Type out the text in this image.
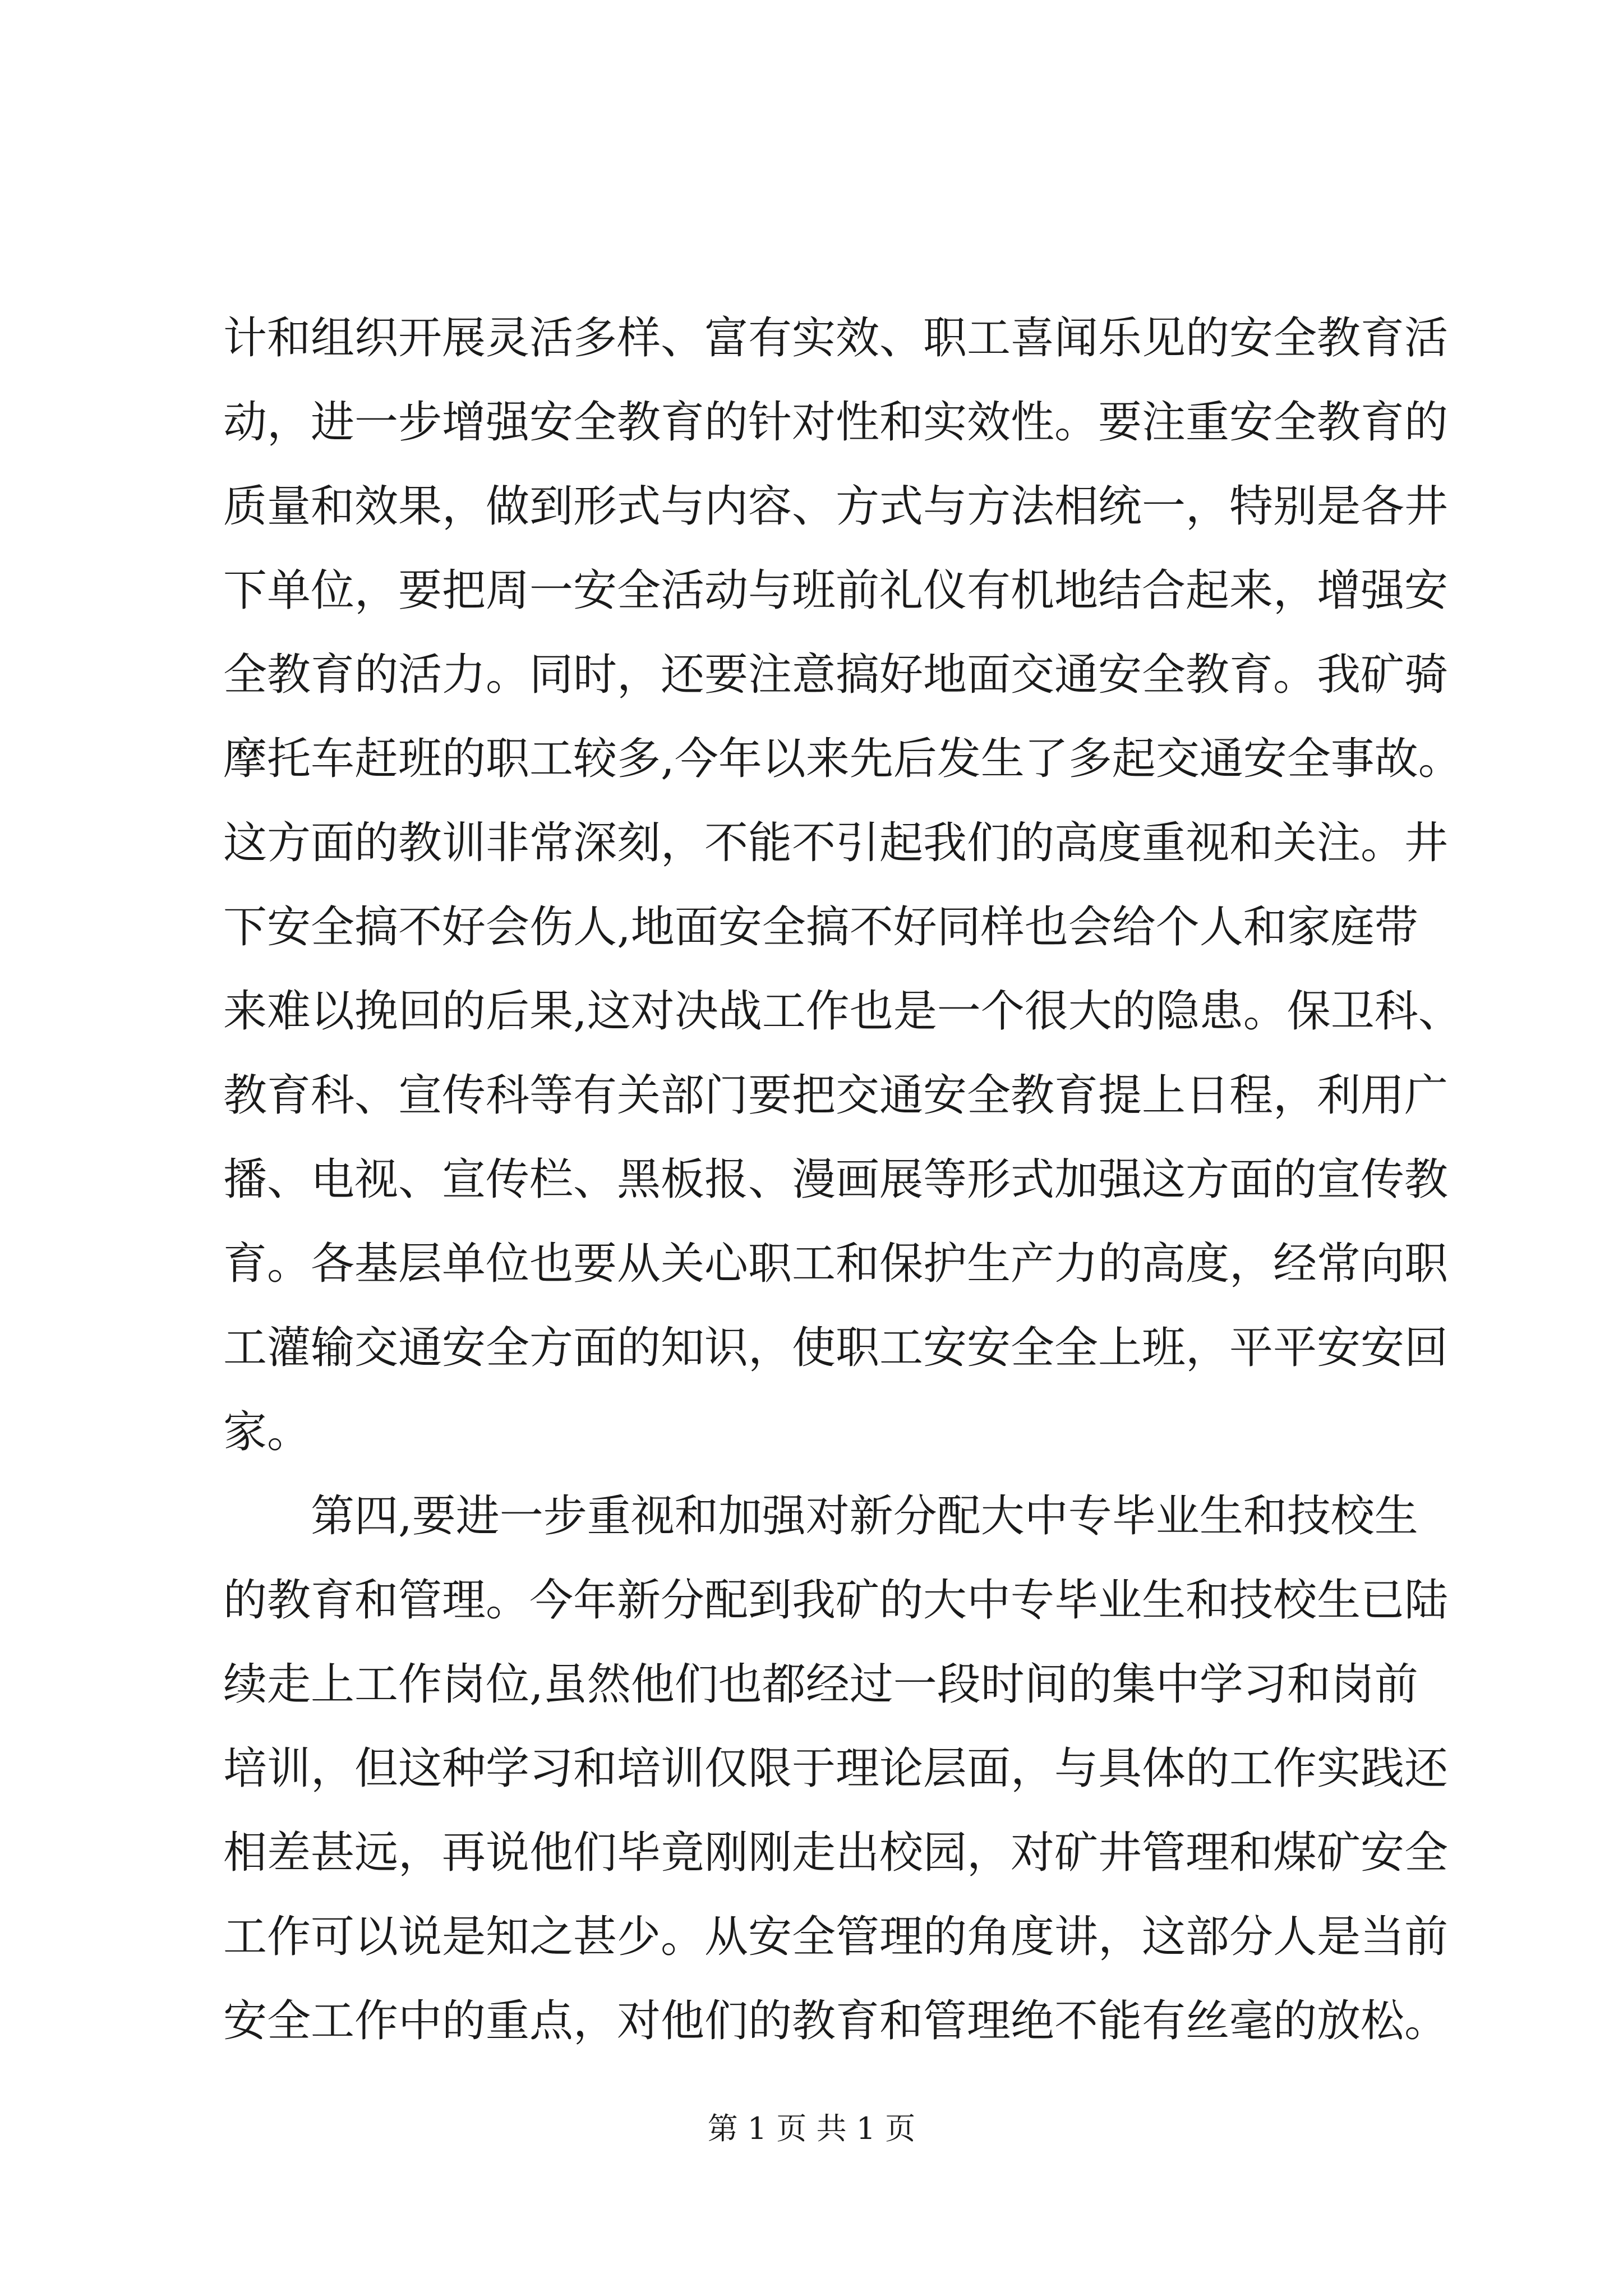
计和组织开展灵活多样、富有实效、职工喜闻乐见的安全教育活
动，进一步增强安全教育的针对性和实效性。要注重安全教育的
质量和效果，做到形式与内容、方式与方法相统一，特别是各井
下单位，要把周一安全活动与班前礼仪有机地结合起来，增强安
全教育的活力。同时，还要注意搞好地面交通安全教育。我矿骑
摩托车赶班的职工较多,今年以来先后发生了多起交通安全事故。
这方面的教训非常深刻，不能不引起我们的高度重视和关注。井
下安全搞不好会伤人,地面安全搞不好同样也会给个人和家庭带
来难以挽回的后果,这对决战工作也是一个很大的隐患。保卫科、
教育科、宣传科等有关部门要把交通安全教育提上日程，利用广
播、电视、宣传栏、黑板报、漫画展等形式加强这方面的宣传教
育。各基层单位也要从关心职工和保护生产力的高度，经常向职
工灌输交通安全方面的知识，使职工安安全全上班，平平安安回
家。
第四,要进一步重视和加强对新分配大中专毕业生和技校生
的教育和管理。今年新分配到我矿的大中专毕业生和技校生已陆
续走上工作岗位,虽然他们也都经过一段时间的集中学习和岗前
培训，但这种学习和培训仅限于理论层面，与具体的工作实践还
相差甚远，再说他们毕竟刚刚走出校园，对矿井管理和煤矿安全
工作可以说是知之甚少。从安全管理的角度讲，这部分人是当前
安全工作中的重点，对他们的教育和管理绝不能有丝毫的放松。
第 1 页 共 1 页
